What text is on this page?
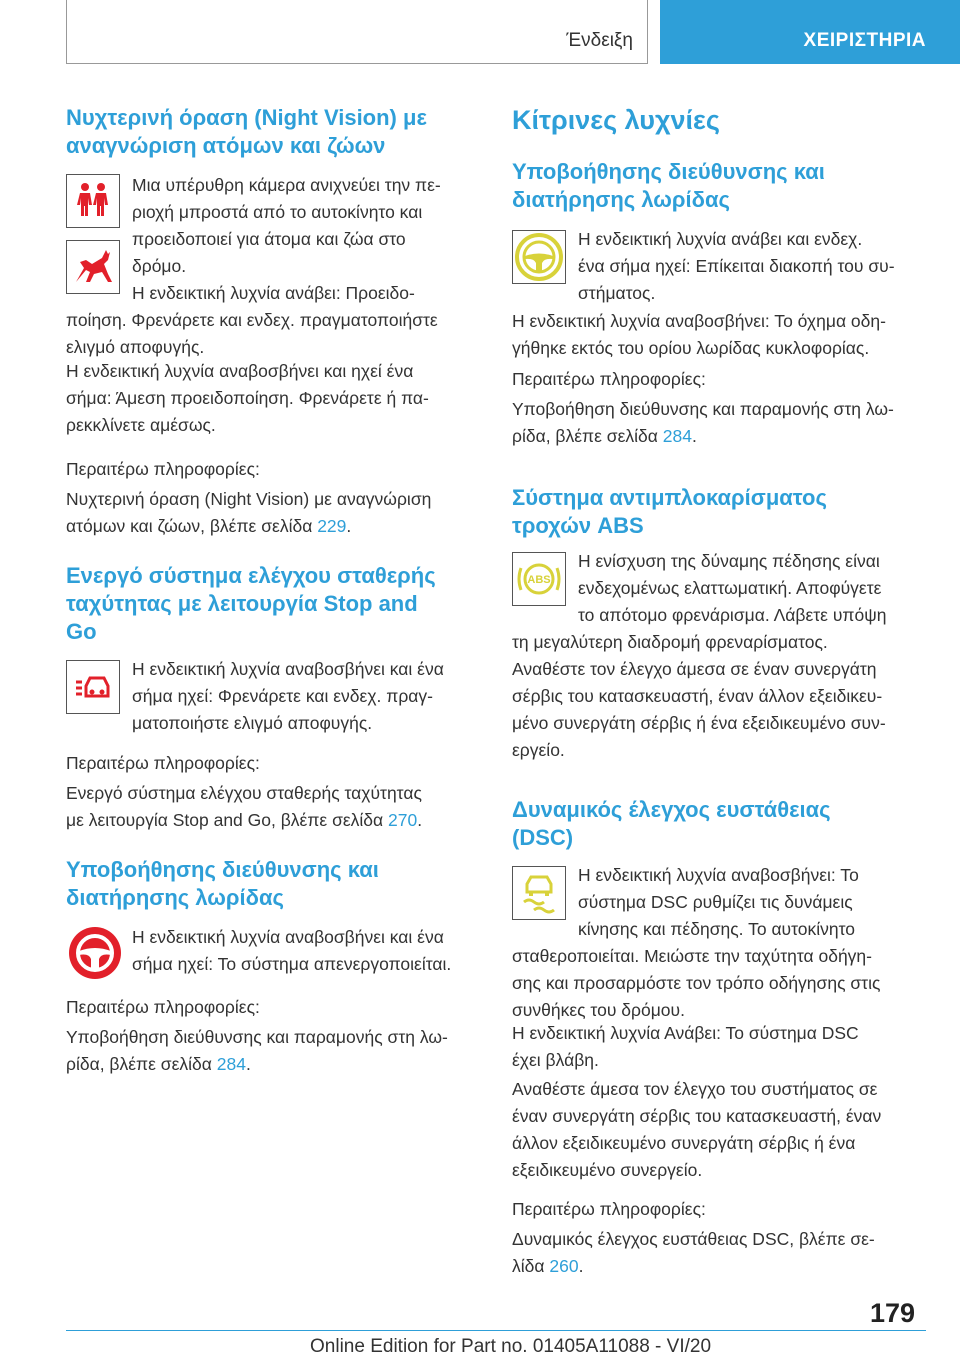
Ένδειξη	ΧΕΙΡΙΣΤΗΡΙΑ
Νυχτερινή όραση (Night Vision) με
αναγνώριση ατόμων και ζώων

Μια υπέρυθρη κάμερα ανιχνεύει την πε-
ριοχή μπροστά από το αυτοκίνητο και
προειδοποιεί για άτομα και ζώα στο
δρόμο.

Η ενδεικτική λυχνία ανάβει: Προειδο-
ποίηση. Φρενάρετε και ενδεχ. πραγματοποιήστε
ελιγμό αποφυγής.

Η ενδεικτική λυχνία αναβοσβήνει και ηχεί ένα
σήμα: Άμεση προειδοποίηση. Φρενάρετε ή πα-
ρεκκλίνετε αμέσως.

Περαιτέρω πληροφορίες:

Νυχτερινή όραση (Night Vision) με αναγνώριση
ατόμων και ζώων, βλέπε σελίδα 229.

Ενεργό σύστημα ελέγχου σταθερής
ταχύτητας με λειτουργία Stop and
Go

Η ενδεικτική λυχνία αναβοσβήνει και ένα
σήμα ηχεί: Φρενάρετε και ενδεχ. πραγ-
ματοποιήστε ελιγμό αποφυγής.

Περαιτέρω πληροφορίες:

Ενεργό σύστημα ελέγχου σταθερής ταχύτητας
με λειτουργία Stop and Go, βλέπε σελίδα 270.

Υποβοήθησης διεύθυνσης και
διατήρησης λωρίδας

Η ενδεικτική λυχνία αναβοσβήνει και ένα
σήμα ηχεί: Το σύστημα απενεργοποιείται.

Περαιτέρω πληροφορίες:

Υποβοήθηση διεύθυνσης και παραμονής στη λω-
ρίδα, βλέπε σελίδα 284.

Κίτρινες λυχνίες
Υποβοήθησης διεύθυνσης και
διατήρησης λωρίδας

Η ενδεικτική λυχνία ανάβει και ενδεχ.
ένα σήμα ηχεί: Επίκειται διακοπή του συ-
στήματος.

Η ενδεικτική λυχνία αναβοσβήνει: Το όχημα οδη-
γήθηκε εκτός του ορίου λωρίδας κυκλοφορίας.

Περαιτέρω πληροφορίες:

Υποβοήθηση διεύθυνσης και παραμονής στη λω-
ρίδα, βλέπε σελίδα 284.

Σύστημα αντιμπλοκαρίσματος
τροχών ABS
ABS

Η ενίσχυση της δύναμης πέδησης είναι
ενδεχομένως ελαττωματική. Αποφύγετε
το απότομο φρενάρισμα. Λάβετε υπόψη

τη μεγαλύτερη διαδρομή φρεναρίσματος.

Αναθέστε τον έλεγχο άμεσα σε έναν συνεργάτη
σέρβις του κατασκευαστή, έναν άλλον εξειδικευ-
μένο συνεργάτη σέρβις ή ένα εξειδικευμένο συν-
εργείο.

Δυναμικός έλεγχος ευστάθειας
(DSC)

Η ενδεικτική λυχνία αναβοσβήνει: Το
σύστημα DSC ρυθμίζει τις δυνάμεις
κίνησης και πέδησης. Το αυτοκίνητο

σταθεροποιείται. Μειώστε την ταχύτητα οδήγη-
σης και προσαρμόστε τον τρόπο οδήγησης στις
συνθήκες του δρόμου.

Η ενδεικτική λυχνία Ανάβει: Το σύστημα DSC
έχει βλάβη.

Αναθέστε άμεσα τον έλεγχο του συστήματος σε
έναν συνεργάτη σέρβις του κατασκευαστή, έναν
άλλον εξειδικευμένο συνεργάτη σέρβις ή ένα
εξειδικευμένο συνεργείο.

Περαιτέρω πληροφορίες:

Δυναμικός έλεγχος ευστάθειας DSC, βλέπε σε-
λίδα 260.

179
Online Edition for Part no. 01405A11088 - VI/20
